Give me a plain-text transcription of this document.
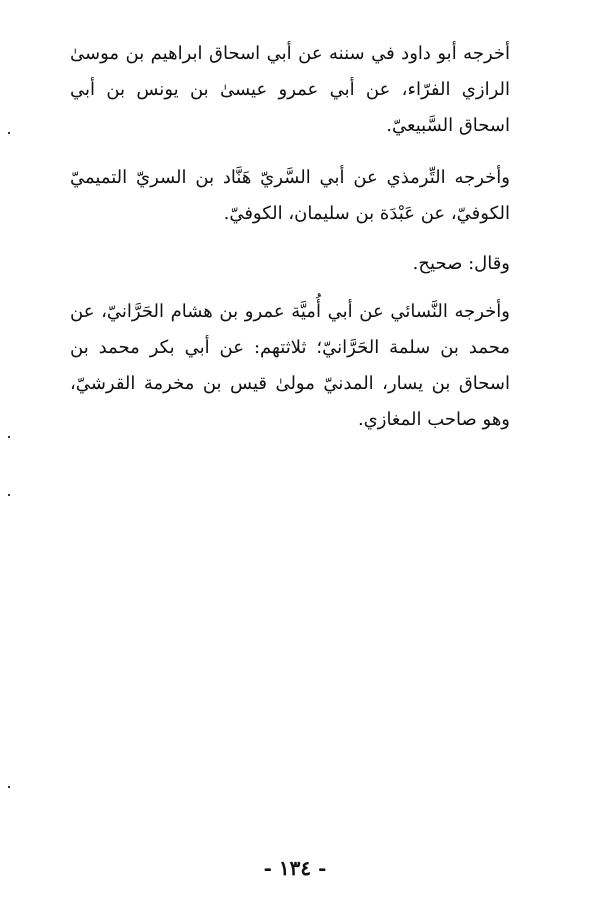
أخرجه أبو داود في سننه عن أبي اسحاق ابراهيم بن موسىٰ الرازي الفرّاء، عن أبي عمرو عيسىٰ بن يونس بن أبي اسحاق السَّبيعيّ.

وأخرجه التِّرمذي عن أبي السَّريّ هَنَّاد بن السريّ التميميّ الكوفيّ، عن عَبْدَة بن سليمان، الكوفيّ.

وقال: صحيح.

وأخرجه النَّسائي عن أبي أُميَّة عمرو بن هشام الحَرَّانيّ، عن محمد بن سلمة الحَرَّانيّ؛ ثلاثتهم: عن أبي بكر محمد بن اسحاق بن يسار، المدنيّ مولىٰ قيس بن مخرمة القرشيّ، وهو صاحب المغازي.

- ١٣٤ -
